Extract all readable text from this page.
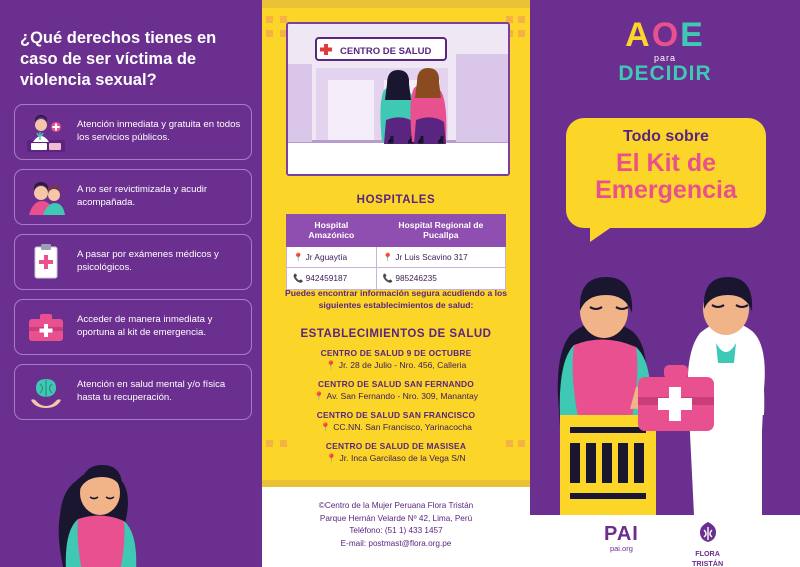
¿Qué derechos tienes en caso de ser víctima de violencia sexual?
Atención inmediata y gratuita en todos los servicios públicos.
A no ser revictimizada y acudir acompañada.
A pasar por exámenes médicos y psicológicos.
Acceder de manera inmediata y oportuna al kit de emergencia.
Atención en salud mental y/o física hasta tu recuperación.
CENTRO DE SALUD
HOSPITALES
Hospital Amazónico	Hospital Regional de Pucallpa
📍 Jr Aguaytía	📍 Jr Luis Scavino 317
📞 942459187	📞 985246235
Puedes encontrar información segura acudiendo a los siguientes establecimientos de salud:
ESTABLECIMIENTOS DE SALUD
CENTRO DE SALUD 9 DE OCTUBRE
📍 Jr. 28 de Julio - Nro. 456, Calleria
CENTRO DE SALUD SAN FERNANDO
📍 Av. San Fernando - Nro. 309, Manantay
CENTRO DE SALUD SAN FRANCISCO
📍 CC.NN. San Francisco, Yarinacocha
CENTRO DE SALUD DE MASISEA
📍 Jr. Inca Garcilaso de la Vega S/N
©Centro de la Mujer Peruana Flora Tristán
Parque Hernán Velarde Nº 42, Lima, Perú
Teléfono: (51 1) 433 1457
E-mail: postmast@flora.org.pe
AOE
para
DECIDIR
Todo sobre
El Kit de Emergencia
PAI
pai.org
FLORA
TRISTÁN
